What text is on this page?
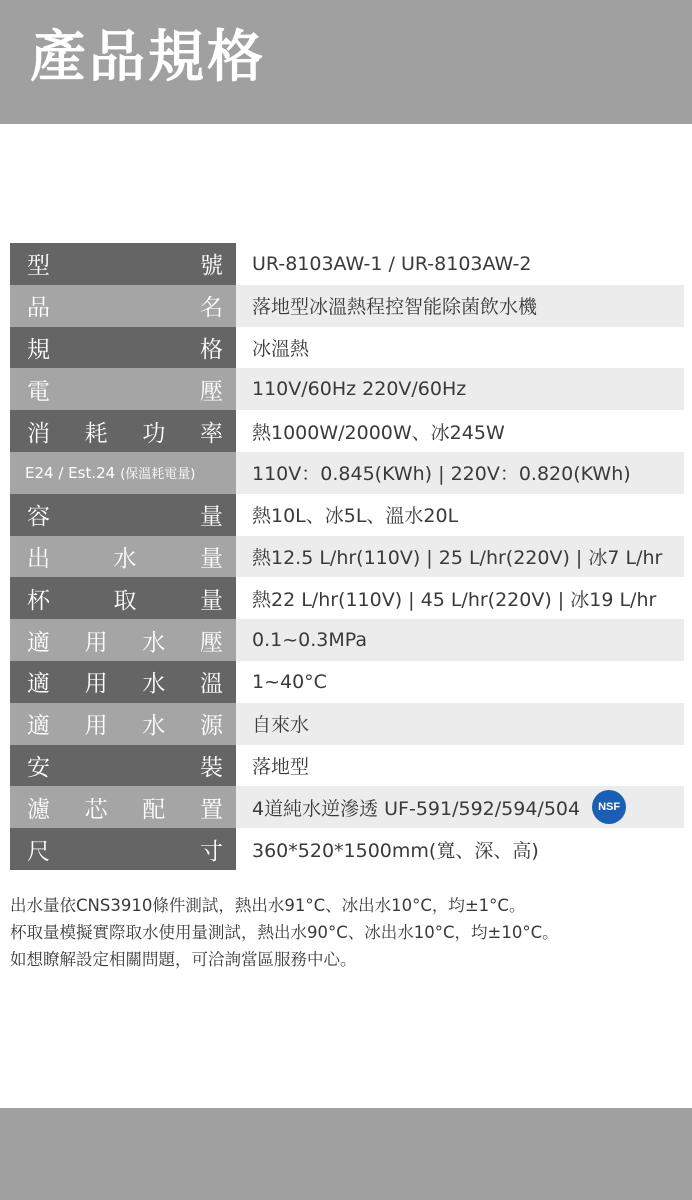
產品規格
型	號 UR-8103AW-1 / UR-8103AW-2
品	名 落地型冰溫熱程控智能除菌飲水機
規	格 冰溫熱
電	壓 110V/60Hz 220V/60Hz
消 耗 功 率 熱1000W/2000W、冰245W
E24 / Est.24 (保溫耗電量)	110V：0.845(KWh) | 220V：0.820(KWh)
容	量 熱10L、冰5L、溫水20L
出	水	量 熱12.5 L/hr(110V) | 25 L/hr(220V) | 冰7 L/hr
杯	取	量 熱22 L/hr(110V) | 45 L/hr(220V) | 冰19 L/hr
適 用 水 壓 0.1~0.3MPa
適 用 水 溫 1~40°C
適 用 水 源 自來水
安	裝 落地型
濾 芯 配 置 4道純水逆滲透 UF-591/592/594/504	NSF
尺	寸 360*520*1500mm(寬、深、高)
出水量依CNS3910條件測試，熱出水91°C、冰出水10°C，均±1°C。
杯取量模擬實際取水使用量測試，熱出水90°C、冰出水10°C，均±10°C。
如想瞭解設定相關問題，可洽詢當區服務中心。
